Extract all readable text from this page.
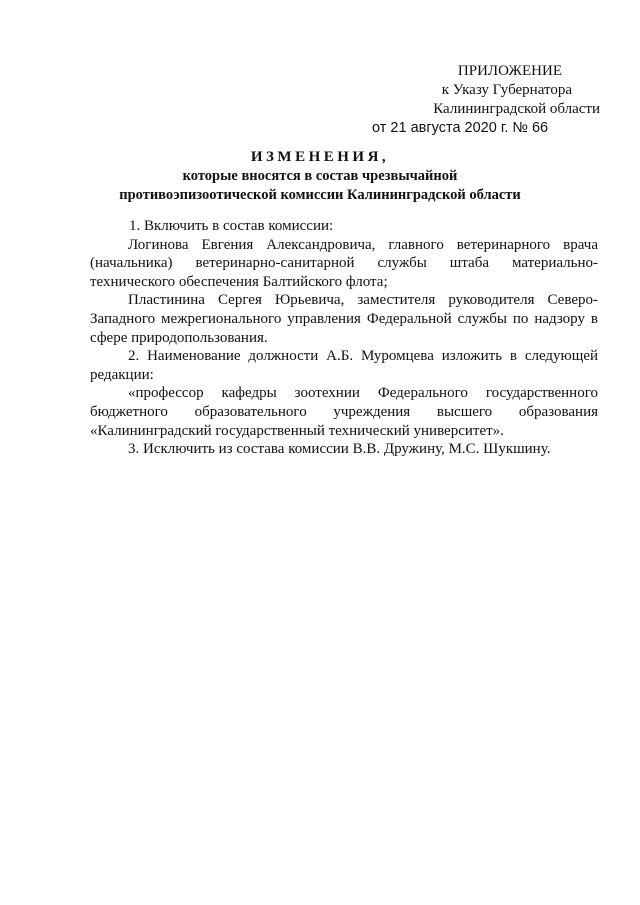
ПРИЛОЖЕНИЕ
к Указу Губернатора
Калининградской области
от 21 августа 2020 г. № 66
ИЗМЕНЕНИЯ,
которые вносятся в состав чрезвычайной
противоэпизоотической комиссии Калининградской области

1. Включить в состав комиссии:

Логинова Евгения Александровича, главного ветеринарного врача (начальника) ветеринарно-санитарной службы штаба материально-технического обеспечения Балтийского флота;

Пластинина Сергея Юрьевича, заместителя руководителя Северо-Западного межрегионального управления Федеральной службы по надзору в сфере природопользования.

2. Наименование должности А.Б. Муромцева изложить в следующей редакции:

«профессор кафедры зоотехнии Федерального государственного бюджетного образовательного учреждения высшего образования «Калининградский государственный технический университет».

3. Исключить из состава комиссии В.В. Дружину, М.С. Шукшину.
